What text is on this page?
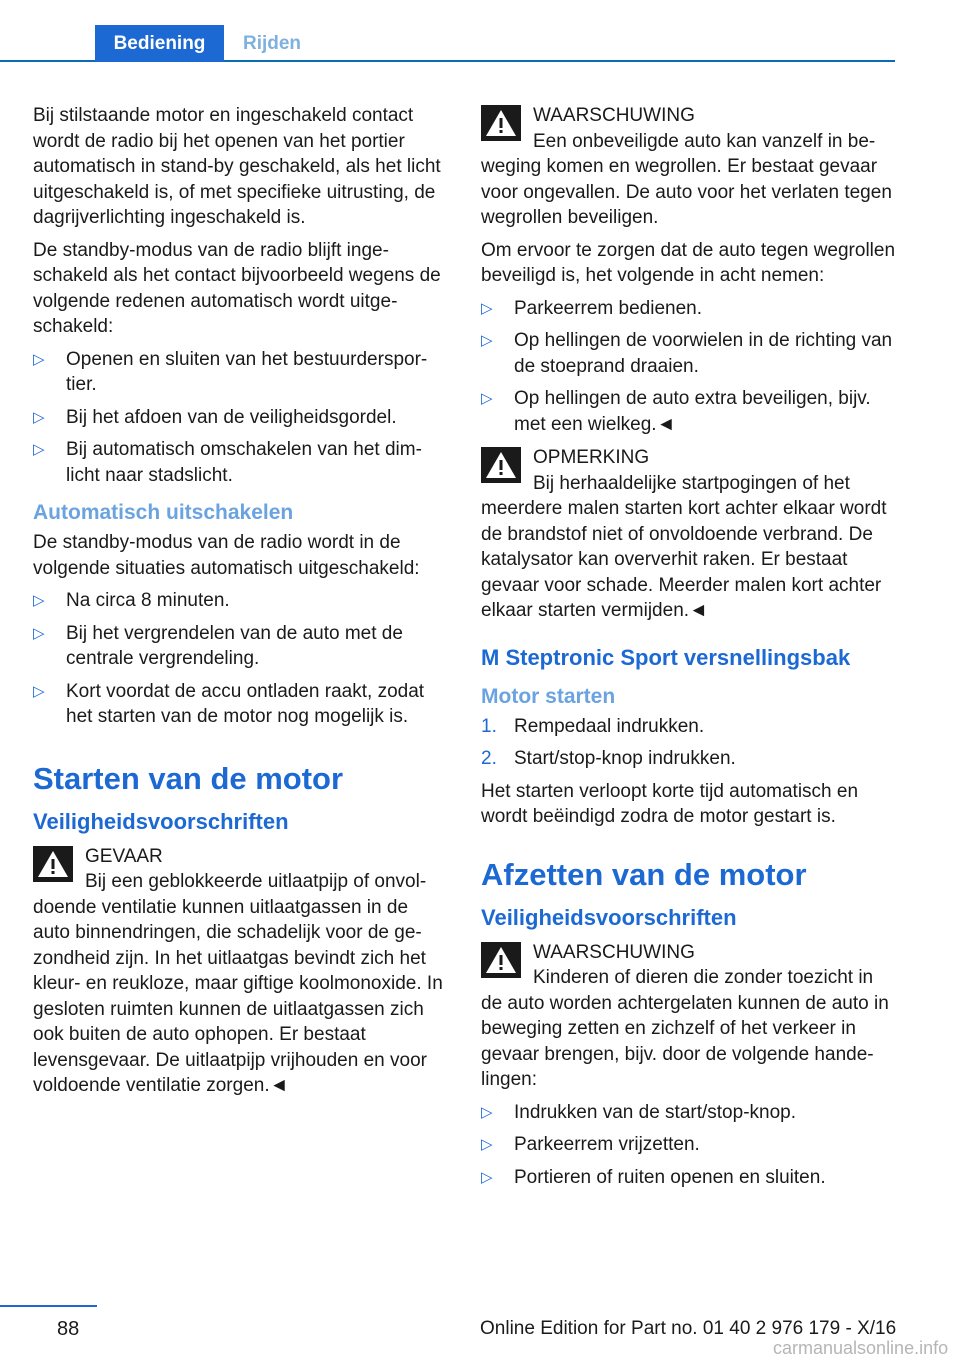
Bediening	Rijden

Bij stilstaande motor en ingeschakeld contact wordt de radio bij het openen van het portier automatisch in stand-by geschakeld, als het licht uitgeschakeld is, of met specifieke uitrusting, de dagrijverlichting ingeschakeld is.

De standby-modus van de radio blijft ingeschakeld als het contact bijvoorbeeld wegens de volgende redenen automatisch wordt uitgeschakeld:

▷ Openen en sluiten van het bestuurdersportier.
▷ Bij het afdoen van de veiligheidsgordel.
▷ Bij automatisch omschakelen van het dimlicht naar stadslicht.
Automatisch uitschakelen

De standby-modus van de radio wordt in de volgende situaties automatisch uitgeschakeld:

▷ Na circa 8 minuten.
▷ Bij het vergrendelen van de auto met de centrale vergrendeling.
▷ Kort voordat de accu ontladen raakt, zodat het starten van de motor nog mogelijk is.
Starten van de motor
Veiligheidsvoorschriften
GEVAAR
Bij een geblokkeerde uitlaatpijp of onvoldoende ventilatie kunnen uitlaatgassen in de auto binnendringen, die schadelijk voor de gezondheid zijn. In het uitlaatgas bevindt zich het kleur- en reukloze, maar giftige koolmonoxide. In gesloten ruimten kunnen de uitlaatgassen zich ook buiten de auto ophopen. Er bestaat levensgevaar. De uitlaatpijp vrijhouden en voor voldoende ventilatie zorgen.◄
WAARSCHUWING
Een onbeveiligde auto kan vanzelf in beweging komen en wegrollen. Er bestaat gevaar voor ongevallen. De auto voor het verlaten tegen wegrollen beveiligen.

Om ervoor te zorgen dat de auto tegen wegrollen beveiligd is, het volgende in acht nemen:

▷ Parkeerrem bedienen.
▷ Op hellingen de voorwielen in de richting van de stoeprand draaien.
▷ Op hellingen de auto extra beveiligen, bijv. met een wielkeg.◄
OPMERKING
Bij herhaaldelijke startpogingen of het meerdere malen starten kort achter elkaar wordt de brandstof niet of onvoldoende verbrand. De katalysator kan oververhit raken. Er bestaat gevaar voor schade. Meerder malen kort achter elkaar starten vermijden.◄
M Steptronic Sport versnellingsbak
Motor starten
1. Rempedaal indrukken.
2. Start/stop-knop indrukken.

Het starten verloopt korte tijd automatisch en wordt beëindigd zodra de motor gestart is.

Afzetten van de motor
Veiligheidsvoorschriften
WAARSCHUWING
Kinderen of dieren die zonder toezicht in de auto worden achtergelaten kunnen de auto in beweging zetten en zichzelf of het verkeer in gevaar brengen, bijv. door de volgende handelingen:
▷ Indrukken van de start/stop-knop.
▷ Parkeerrem vrijzetten.
▷ Portieren of ruiten openen en sluiten.
88	Online Edition for Part no. 01 40 2 976 179 - X/16
carmanualsonline.info
